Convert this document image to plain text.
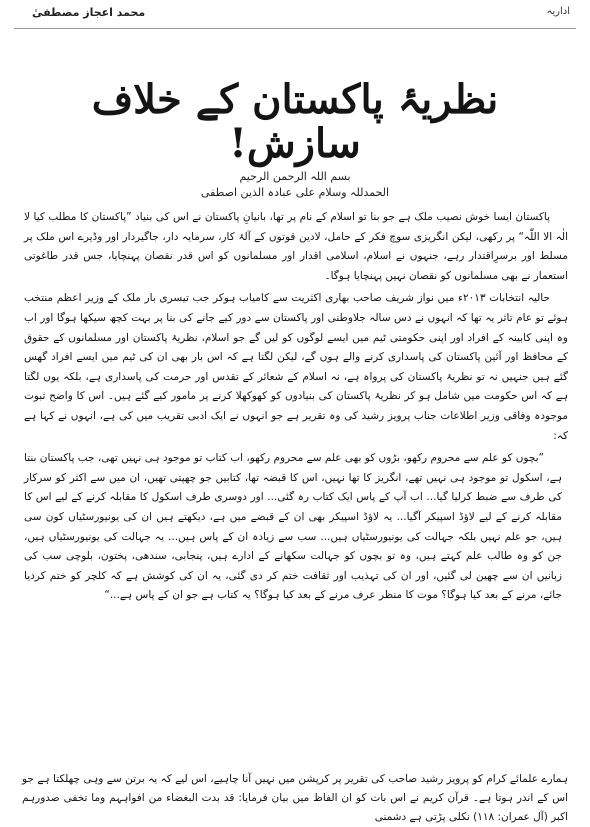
محمد اعجاز مصطفیٰ	اداریہ
نظریۂ پاکستان کے خلاف سازش!
بسم اللہ الرحمن الرحیم
الحمدللہ وسلام علی عبادہ الذین اصطفی

پاکستان ایسا خوش نصیب ملک ہے جو بنا تو اسلام کے نام پر تھا، بانیانِ پاکستان نے اس کی بنیاد ”پاکستان کا مطلب کیا لا الٰہ الا اللّٰہ“ پر رکھی، لیکن انگریزی سوچ فکر کے حامل، لادین قوتوں کے آلۂ کار، سرمایہ دار، جاگیردار اور وڈیرے اس ملک پر مسلط اور برسرِاقتدار رہے، جنہوں نے اسلام، اسلامی اقدار اور مسلمانوں کو اس قدر نقصان پہنچایا، جس قدر طاغوتی استعمار نے بھی مسلمانوں کو نقصان نہیں پہنچایا ہوگا۔

حالیہ انتخابات ۲۰۱۳ء میں نواز شریف صاحب بھاری اکثریت سے کامیاب ہوکر جب تیسری بار ملک کے وزیر اعظم منتخب ہوئے تو عام تاثر یہ تھا کہ انہوں نے دس سالہ جلاوطنی اور پاکستان سے دور کیے جانے کی بنا پر بہت کچھ سیکھا ہوگا اور اب وہ اپنی کابینہ کے افراد اور اپنی حکومتی ٹیم میں ایسے لوگوں کو لیں گے جو اسلام، نظریۂ پاکستان اور مسلمانوں کے حقوق کے محافظ اور آئین پاکستان کی پاسداری کرنے والے ہوں گے، لیکن لگتا ہے کہ اس بار بھی ان کی ٹیم میں ایسے افراد گھس گئے ہیں جنہیں نہ تو نظریۂ پاکستان کی پرواہ ہے، نہ اسلام کے شعائر کے تقدس اور حرمت کی پاسداری ہے، بلکہ یوں لگتا ہے کہ اس حکومت میں شامل ہو کر نظریۂ پاکستان کی بنیادوں کو کھوکھلا کرنے پر مامور کیے گئے ہیں۔ اس کا واضح ثبوت موجودہ وفاقی وزیر اطلاعات جناب پرویز رشید کی وہ تقریر ہے جو انہوں نے ایک ادبی تقریب میں کی ہے، انہوں نے کہا ہے کہ:

”بچوں کو علم سے محروم رکھو، بڑوں کو بھی علم سے محروم رکھو، اب کتاب تو موجود ہی نہیں تھی، جب پاکستان بنتا ہے، اسکول تو موجود ہی نہیں تھے، انگریز کا تھا نہیں، اس کا قبضہ تھا، کتابیں جو چھپتی تھیں، ان میں سے اکثر کو سرکار کی طرف سے ضبط کرلیا گیا... اب آپ کے پاس ایک کتاب رہ گئی... اور دوسری طرف اسکول کا مقابلہ کرنے کے لیے اس کا مقابلہ کرنے کے لیے لاؤڈ اسپیکر آگیا... یہ لاؤڈ اسپیکر بھی ان کے قبضے میں ہے، دیکھتے ہیں ان کی یونیورسٹیاں کون سی ہیں، جو علم نہیں بلکہ جہالت کی یونیورسٹیاں ہیں... سب سے زیادہ ان کے پاس ہیں... یہ جہالت کی یونیورسٹیاں ہیں، جن کو وہ طالب علم کہتے ہیں، وہ تو بچوں کو جہالت سکھانے کے ادارے ہیں، پنجابی، سندھی، پختون، بلوچی سب کی زبانیں ان سے چھین لی گئیں، اور ان کی تہذیب اور ثقافت ختم کر دی گئی، یہ ان کی کوشش ہے کہ کلچر کو ختم کردیا جائے، مرنے کے بعد کیا ہوگا؟ موت کا منظر عرف مرنے کے بعد کیا ہوگا؟ یہ کتاب ہے جو ان کے پاس ہے...“

ہمارے علمائے کرام کو پرویز رشید صاحب کی تقریر پر کرپشن میں نہیں آنا چاہیے، اس لیے کہ یہ برتن سے وہی چھلکتا ہے جو اس کے اندر ہوتا ہے۔ قرآن کریم نے اس بات کو ان الفاظ میں بیان فرمایا: قد بدت البغضاء من افواہہم وما تخفی صدورہم اکبر (آل عمران: ۱۱۸) نکلی پڑتی ہے دشمنی
